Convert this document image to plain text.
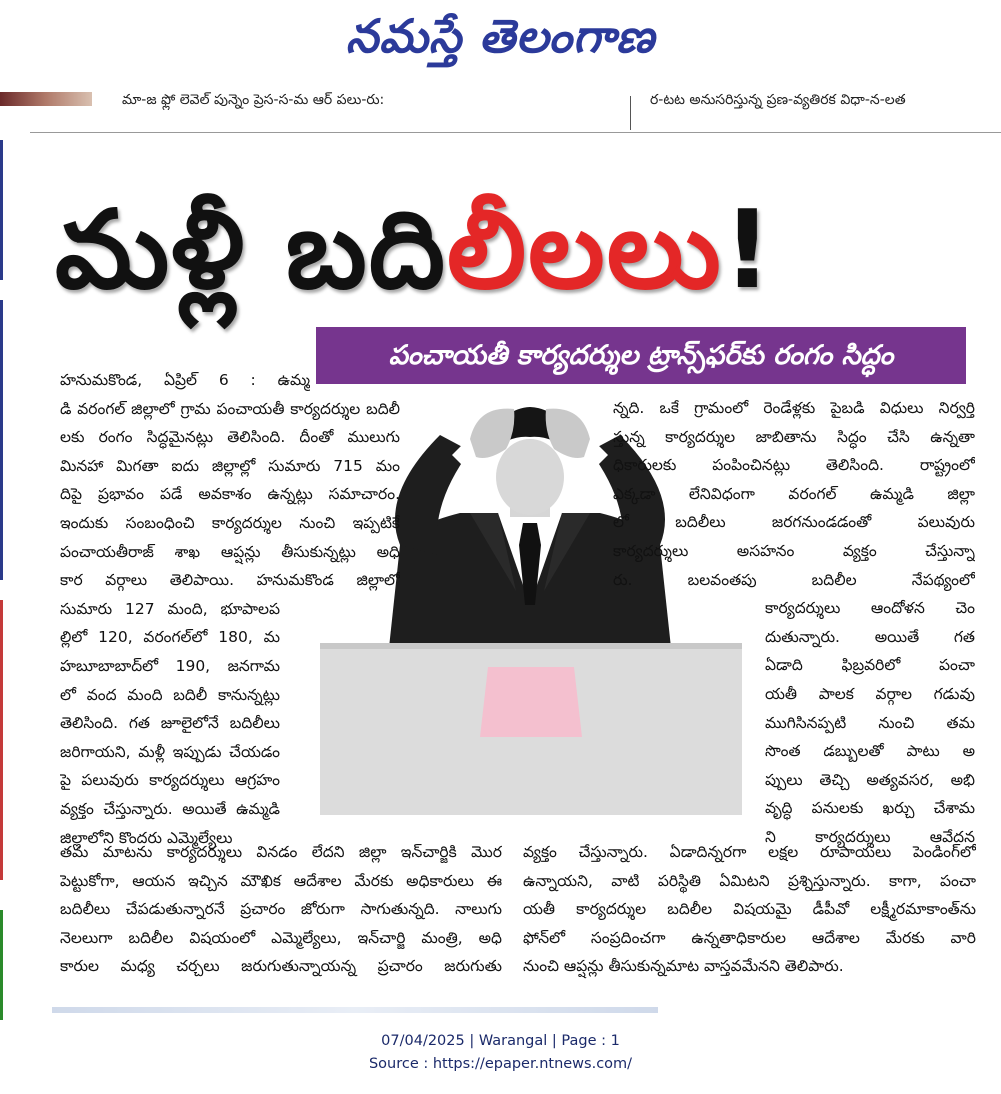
నమస్తే తెలంగాణ
మా-జ ఫ్లో లెవెల్ పున్నెం ప్రెస-స-మ ఆర్ పలు-రు:	ర-టట అనుసరిస్తున్న ప్రణ-వ్యతిరక విధా-న-లత
మళ్లీ బదిలీలలు!
పంచాయతీ కార్యదర్శుల ట్రాన్స్‌ఫర్‌కు రంగం సిద్ధం
హనుమకొండ, ఏప్రిల్‌ 6 : ఉమ్మ
డి వరంగల్‌ జిల్లాలో గ్రామ పంచాయతీ కార్యదర్శుల బదిలీ
లకు రంగం సిద్ధమైనట్లు తెలిసింది. దీంతో ములుగు
మినహా మిగతా ఐదు జిల్లాల్లో సుమారు 715 మం
దిపై ప్రభావం పడే అవకాశం ఉన్నట్లు సమాచారం.
ఇందుకు సంబంధించి కార్యదర్శుల నుంచి ఇప్పటికే
పంచాయతీరాజ్‌ శాఖ ఆప్షన్లు తీసుకున్నట్లు అధి
కార వర్గాలు తెలిపాయి. హనుమకొండ జిల్లాలో
సుమారు 127 మంది, భూపాలప
ల్లిలో 120, వరంగల్‌లో 180, మ
హబూబాబాద్‌లో 190, జనగామ
లో వంద మంది బదిలీ కానున్నట్లు
తెలిసింది. గత జూలైలోనే బదిలీలు
జరిగాయని, మళ్లీ ఇప్పుడు చేయడం
పై పలువురు కార్యదర్శులు ఆగ్రహం
వ్యక్తం చేస్తున్నారు. అయితే ఉమ్మడి
జిల్లాలోని కొందరు ఎమ్మెల్యేలు
న్నది. ఒకే గ్రామంలో రెండేళ్లకు పైబడి విధులు నిర్వర్తి
స్తున్న కార్యదర్శుల జాబితాను సిద్ధం చేసి ఉన్నతా
ధికారులకు పంపించినట్లు తెలిసింది. రాష్ట్రంలో
ఎక్కడా లేనివిధంగా వరంగల్‌ ఉమ్మడి జిల్లా
లో బదిలీలు జరగనుండడంతో పలువురు
కార్యదర్శులు అసహనం వ్యక్తం చేస్తున్నా
రు. బలవంతపు బదిలీల నేపథ్యంలో
కార్యదర్శులు ఆందోళన చెం
దుతున్నారు. అయితే గత
ఏడాది ఫిబ్రవరిలో పంచా
యతీ పాలక వర్గాల గడువు
ముగిసినప్పటి నుంచి తమ
సొంత డబ్బులతో పాటు అ
ప్పులు తెచ్చి అత్యవసర, అభి
వృద్ధి పనులకు ఖర్చు చేశామ
ని కార్యదర్శులు ఆవేదన
తమ మాటను కార్యదర్శులు వినడం లేదని జిల్లా ఇన్‌చార్జికి మొర
పెట్టుకోగా, ఆయన ఇచ్చిన మౌఖిక ఆదేశాల మేరకు అధికారులు ఈ
బదిలీలు చేపడుతున్నారనే ప్రచారం జోరుగా సాగుతున్నది. నాలుగు
నెలలుగా బదిలీల విషయంలో ఎమ్మెల్యేలు, ఇన్‌చార్జి మంత్రి, అధి
కారుల మధ్య చర్చలు జరుగుతున్నాయన్న ప్రచారం జరుగుతు
వ్యక్తం చేస్తున్నారు. ఏడాదిన్నరగా లక్షల రూపాయలు పెండింగ్‌లో
ఉన్నాయని, వాటి పరిస్థితి ఏమిటని ప్రశ్నిస్తున్నారు. కాగా, పంచా
యతీ కార్యదర్శుల బదిలీల విషయమై డీపీవో లక్ష్మీరమాకాంత్‌ను
ఫోన్‌లో సంప్రదించగా ఉన్నతాధికారుల ఆదేశాల మేరకు వారి
నుంచి ఆప్షన్లు తీసుకున్నమాట వాస్తవమేనని తెలిపారు.
07/04/2025 | Warangal | Page : 1
Source : https://epaper.ntnews.com/
